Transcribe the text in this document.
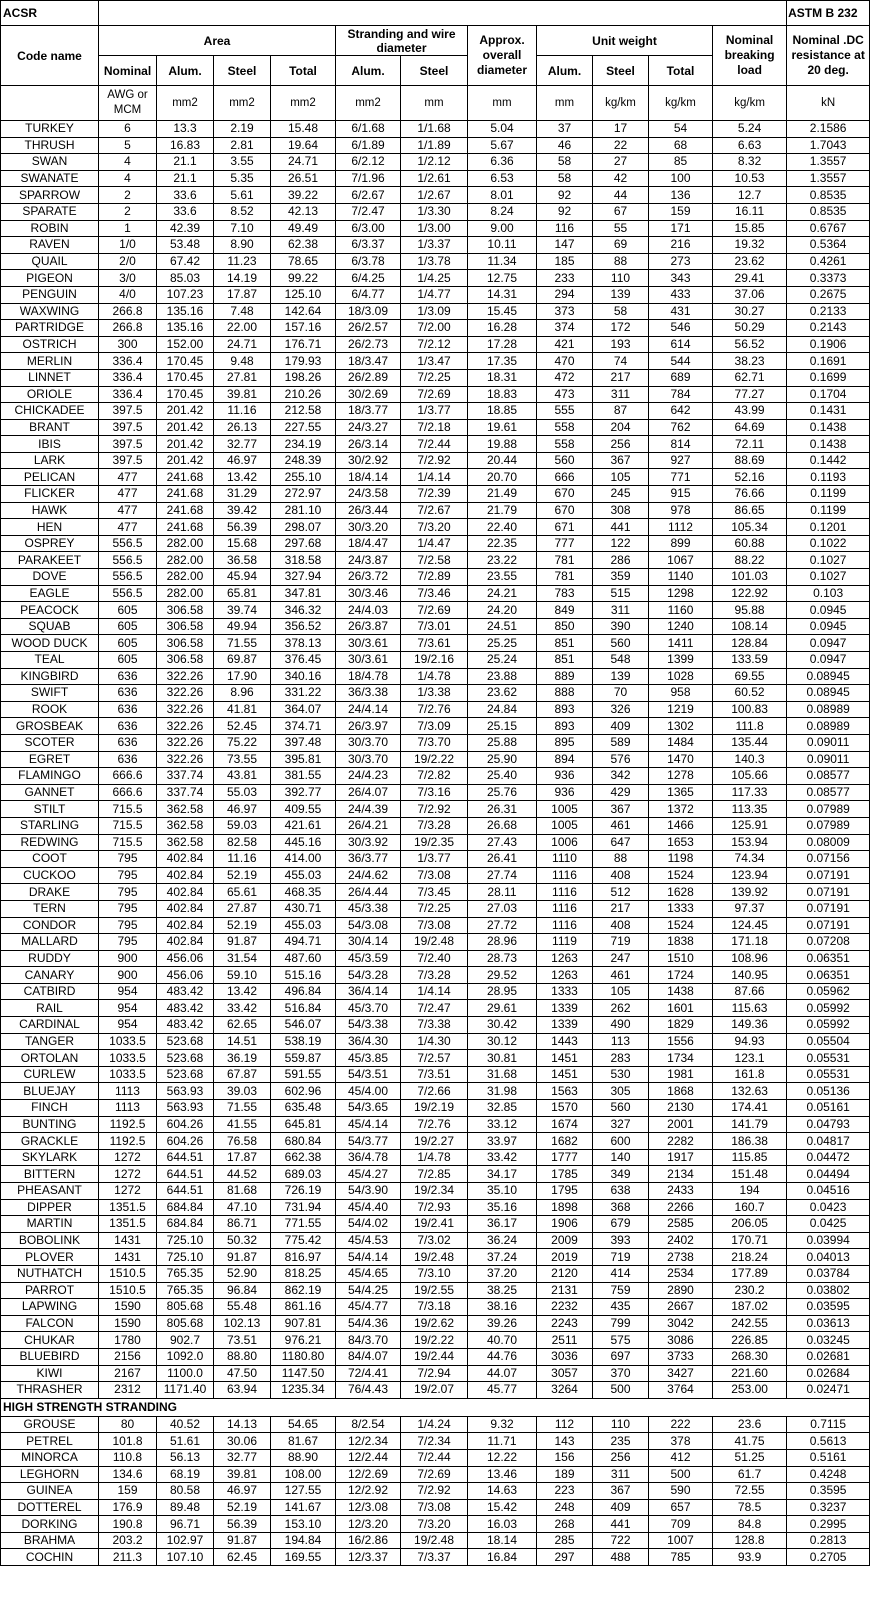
ACSR												ASTM B 232
Code name	Area				Stranding and wire diameter		Approx. overall diameter	Unit weight			Nominal breaking load	Nominal .DC resistance at 20 deg.
	Nominal	Alum.	Steel	Total	Alum.	Steel		Alum.	Steel	Total		
	AWG or MCM	mm2	mm2	mm2	mm2	mm	mm	mm	kg/km	kg/km	kg/km	kN
TURKEY	6	13.3	2.19	15.48	6/1.68	1/1.68	5.04	37	17	54	5.24	2.1586
THRUSH	5	16.83	2.81	19.64	6/1.89	1/1.89	5.67	46	22	68	6.63	1.7043
SWAN	4	21.1	3.55	24.71	6/2.12	1/2.12	6.36	58	27	85	8.32	1.3557
SWANATE	4	21.1	5.35	26.51	7/1.96	1/2.61	6.53	58	42	100	10.53	1.3557
SPARROW	2	33.6	5.61	39.22	6/2.67	1/2.67	8.01	92	44	136	12.7	0.8535
SPARATE	2	33.6	8.52	42.13	7/2.47	1/3.30	8.24	92	67	159	16.11	0.8535
ROBIN	1	42.39	7.10	49.49	6/3.00	1/3.00	9.00	116	55	171	15.85	0.6767
RAVEN	1/0	53.48	8.90	62.38	6/3.37	1/3.37	10.11	147	69	216	19.32	0.5364
QUAIL	2/0	67.42	11.23	78.65	6/3.78	1/3.78	11.34	185	88	273	23.62	0.4261
PIGEON	3/0	85.03	14.19	99.22	6/4.25	1/4.25	12.75	233	110	343	29.41	0.3373
PENGUIN	4/0	107.23	17.87	125.10	6/4.77	1/4.77	14.31	294	139	433	37.06	0.2675
WAXWING	266.8	135.16	7.48	142.64	18/3.09	1/3.09	15.45	373	58	431	30.27	0.2133
PARTRIDGE	266.8	135.16	22.00	157.16	26/2.57	7/2.00	16.28	374	172	546	50.29	0.2143
OSTRICH	300	152.00	24.71	176.71	26/2.73	7/2.12	17.28	421	193	614	56.52	0.1906
MERLIN	336.4	170.45	9.48	179.93	18/3.47	1/3.47	17.35	470	74	544	38.23	0.1691
LINNET	336.4	170.45	27.81	198.26	26/2.89	7/2.25	18.31	472	217	689	62.71	0.1699
ORIOLE	336.4	170.45	39.81	210.26	30/2.69	7/2.69	18.83	473	311	784	77.27	0.1704
CHICKADEE	397.5	201.42	11.16	212.58	18/3.77	1/3.77	18.85	555	87	642	43.99	0.1431
BRANT	397.5	201.42	26.13	227.55	24/3.27	7/2.18	19.61	558	204	762	64.69	0.1438
IBIS	397.5	201.42	32.77	234.19	26/3.14	7/2.44	19.88	558	256	814	72.11	0.1438
LARK	397.5	201.42	46.97	248.39	30/2.92	7/2.92	20.44	560	367	927	88.69	0.1442
PELICAN	477	241.68	13.42	255.10	18/4.14	1/4.14	20.70	666	105	771	52.16	0.1193
FLICKER	477	241.68	31.29	272.97	24/3.58	7/2.39	21.49	670	245	915	76.66	0.1199
HAWK	477	241.68	39.42	281.10	26/3.44	7/2.67	21.79	670	308	978	86.65	0.1199
HEN	477	241.68	56.39	298.07	30/3.20	7/3.20	22.40	671	441	1112	105.34	0.1201
OSPREY	556.5	282.00	15.68	297.68	18/4.47	1/4.47	22.35	777	122	899	60.88	0.1022
PARAKEET	556.5	282.00	36.58	318.58	24/3.87	7/2.58	23.22	781	286	1067	88.22	0.1027
DOVE	556.5	282.00	45.94	327.94	26/3.72	7/2.89	23.55	781	359	1140	101.03	0.1027
EAGLE	556.5	282.00	65.81	347.81	30/3.46	7/3.46	24.21	783	515	1298	122.92	0.103
PEACOCK	605	306.58	39.74	346.32	24/4.03	7/2.69	24.20	849	311	1160	95.88	0.0945
SQUAB	605	306.58	49.94	356.52	26/3.87	7/3.01	24.51	850	390	1240	108.14	0.0945
WOOD DUCK	605	306.58	71.55	378.13	30/3.61	7/3.61	25.25	851	560	1411	128.84	0.0947
TEAL	605	306.58	69.87	376.45	30/3.61	19/2.16	25.24	851	548	1399	133.59	0.0947
KINGBIRD	636	322.26	17.90	340.16	18/4.78	1/4.78	23.88	889	139	1028	69.55	0.08945
SWIFT	636	322.26	8.96	331.22	36/3.38	1/3.38	23.62	888	70	958	60.52	0.08945
ROOK	636	322.26	41.81	364.07	24/4.14	7/2.76	24.84	893	326	1219	100.83	0.08989
GROSBEAK	636	322.26	52.45	374.71	26/3.97	7/3.09	25.15	893	409	1302	111.8	0.08989
SCOTER	636	322.26	75.22	397.48	30/3.70	7/3.70	25.88	895	589	1484	135.44	0.09011
EGRET	636	322.26	73.55	395.81	30/3.70	19/2.22	25.90	894	576	1470	140.3	0.09011
FLAMINGO	666.6	337.74	43.81	381.55	24/4.23	7/2.82	25.40	936	342	1278	105.66	0.08577
GANNET	666.6	337.74	55.03	392.77	26/4.07	7/3.16	25.76	936	429	1365	117.33	0.08577
STILT	715.5	362.58	46.97	409.55	24/4.39	7/2.92	26.31	1005	367	1372	113.35	0.07989
STARLING	715.5	362.58	59.03	421.61	26/4.21	7/3.28	26.68	1005	461	1466	125.91	0.07989
REDWING	715.5	362.58	82.58	445.16	30/3.92	19/2.35	27.43	1006	647	1653	153.94	0.08009
COOT	795	402.84	11.16	414.00	36/3.77	1/3.77	26.41	1110	88	1198	74.34	0.07156
CUCKOO	795	402.84	52.19	455.03	24/4.62	7/3.08	27.74	1116	408	1524	123.94	0.07191
DRAKE	795	402.84	65.61	468.35	26/4.44	7/3.45	28.11	1116	512	1628	139.92	0.07191
TERN	795	402.84	27.87	430.71	45/3.38	7/2.25	27.03	1116	217	1333	97.37	0.07191
CONDOR	795	402.84	52.19	455.03	54/3.08	7/3.08	27.72	1116	408	1524	124.45	0.07191
MALLARD	795	402.84	91.87	494.71	30/4.14	19/2.48	28.96	1119	719	1838	171.18	0.07208
RUDDY	900	456.06	31.54	487.60	45/3.59	7/2.40	28.73	1263	247	1510	108.96	0.06351
CANARY	900	456.06	59.10	515.16	54/3.28	7/3.28	29.52	1263	461	1724	140.95	0.06351
CATBIRD	954	483.42	13.42	496.84	36/4.14	1/4.14	28.95	1333	105	1438	87.66	0.05962
RAIL	954	483.42	33.42	516.84	45/3.70	7/2.47	29.61	1339	262	1601	115.63	0.05992
CARDINAL	954	483.42	62.65	546.07	54/3.38	7/3.38	30.42	1339	490	1829	149.36	0.05992
TANGER	1033.5	523.68	14.51	538.19	36/4.30	1/4.30	30.12	1443	113	1556	94.93	0.05504
ORTOLAN	1033.5	523.68	36.19	559.87	45/3.85	7/2.57	30.81	1451	283	1734	123.1	0.05531
CURLEW	1033.5	523.68	67.87	591.55	54/3.51	7/3.51	31.68	1451	530	1981	161.8	0.05531
BLUEJAY	1113	563.93	39.03	602.96	45/4.00	7/2.66	31.98	1563	305	1868	132.63	0.05136
FINCH	1113	563.93	71.55	635.48	54/3.65	19/2.19	32.85	1570	560	2130	174.41	0.05161
BUNTING	1192.5	604.26	41.55	645.81	45/4.14	7/2.76	33.12	1674	327	2001	141.79	0.04793
GRACKLE	1192.5	604.26	76.58	680.84	54/3.77	19/2.27	33.97	1682	600	2282	186.38	0.04817
SKYLARK	1272	644.51	17.87	662.38	36/4.78	1/4.78	33.42	1777	140	1917	115.85	0.04472
BITTERN	1272	644.51	44.52	689.03	45/4.27	7/2.85	34.17	1785	349	2134	151.48	0.04494
PHEASANT	1272	644.51	81.68	726.19	54/3.90	19/2.34	35.10	1795	638	2433	194	0.04516
DIPPER	1351.5	684.84	47.10	731.94	45/4.40	7/2.93	35.16	1898	368	2266	160.7	0.0423
MARTIN	1351.5	684.84	86.71	771.55	54/4.02	19/2.41	36.17	1906	679	2585	206.05	0.0425
BOBOLINK	1431	725.10	50.32	775.42	45/4.53	7/3.02	36.24	2009	393	2402	170.71	0.03994
PLOVER	1431	725.10	91.87	816.97	54/4.14	19/2.48	37.24	2019	719	2738	218.24	0.04013
NUTHATCH	1510.5	765.35	52.90	818.25	45/4.65	7/3.10	37.20	2120	414	2534	177.89	0.03784
PARROT	1510.5	765.35	96.84	862.19	54/4.25	19/2.55	38.25	2131	759	2890	230.2	0.03802
LAPWING	1590	805.68	55.48	861.16	45/4.77	7/3.18	38.16	2232	435	2667	187.02	0.03595
FALCON	1590	805.68	102.13	907.81	54/4.36	19/2.62	39.26	2243	799	3042	242.55	0.03613
CHUKAR	1780	902.7	73.51	976.21	84/3.70	19/2.22	40.70	2511	575	3086	226.85	0.03245
BLUEBIRD	2156	1092.0	88.80	1180.80	84/4.07	19/2.44	44.76	3036	697	3733	268.30	0.02681
KIWI	2167	1100.0	47.50	1147.50	72/4.41	7/2.94	44.07	3057	370	3427	221.60	0.02684
THRASHER	2312	1171.40	63.94	1235.34	76/4.43	19/2.07	45.77	3264	500	3764	253.00	0.02471
HIGH STRENGTH STRANDING												
GROUSE	80	40.52	14.13	54.65	8/2.54	1/4.24	9.32	112	110	222	23.6	0.7115
PETREL	101.8	51.61	30.06	81.67	12/2.34	7/2.34	11.71	143	235	378	41.75	0.5613
MINORCA	110.8	56.13	32.77	88.90	12/2.44	7/2.44	12.22	156	256	412	51.25	0.5161
LEGHORN	134.6	68.19	39.81	108.00	12/2.69	7/2.69	13.46	189	311	500	61.7	0.4248
GUINEA	159	80.58	46.97	127.55	12/2.92	7/2.92	14.63	223	367	590	72.55	0.3595
DOTTEREL	176.9	89.48	52.19	141.67	12/3.08	7/3.08	15.42	248	409	657	78.5	0.3237
DORKING	190.8	96.71	56.39	153.10	12/3.20	7/3.20	16.03	268	441	709	84.8	0.2995
BRAHMA	203.2	102.97	91.87	194.84	16/2.86	19/2.48	18.14	285	722	1007	128.8	0.2813
COCHIN	211.3	107.10	62.45	169.55	12/3.37	7/3.37	16.84	297	488	785	93.9	0.2705
